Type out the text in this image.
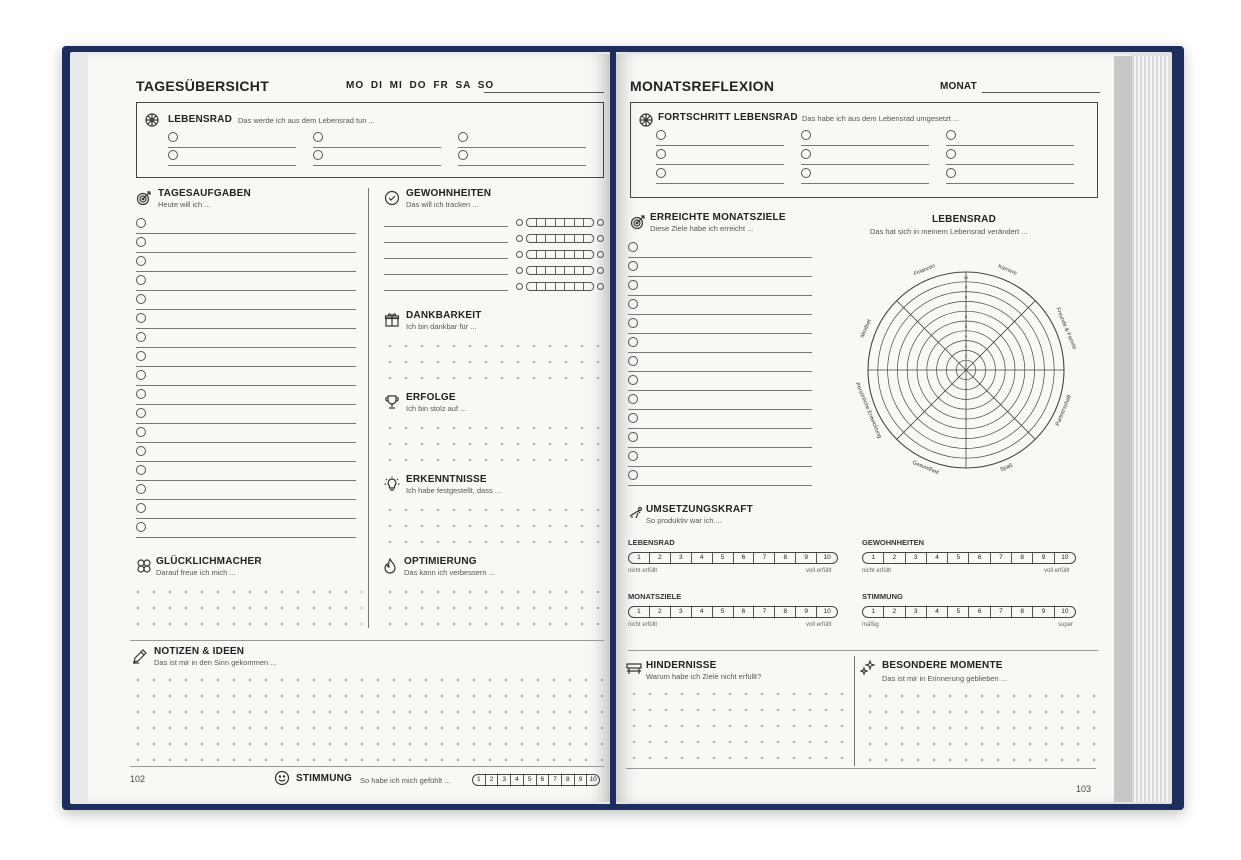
TAGESÜBERSICHT	MO DI MI DO FR SA SO
LEBENSRAD Das werde ich aus dem Lebensrad tun ...
TAGESAUFGABEN
Heute will ich ...
GEWOHNHEITEN
Das will ich tracken ...
DANKBARKEIT
Ich bin dankbar für ...
ERFOLGE
Ich bin stolz auf ...
ERKENNTNISSE
Ich habe festgestellt, dass ...
GLÜCKLICHMACHER
Darauf freue ich mich ...
OPTIMIERUNG
Das kann ich verbessern ...
NOTIZEN & IDEEN
Das ist mir in den Sinn gekommen ...
102	STIMMUNG So habe ich mich gefühlt ...	1	2	3	4	5	6	7	8	9	10
MONATSREFLEXION	MONAT
FORTSCHRITT LEBENSRAD Das habe ich aus dem Lebensrad umgesetzt ...
ERREICHTE MONATSZIELE
Diese Ziele habe ich erreicht ...
LEBENSRAD
Das hat sich in meinem Lebensrad verändert ...
1
2
3
4
5
6
7
8
9
10
Finanzen	Karriere
Freunde & Familie
Partnerschaft
Spaß
Gesundheit
Persönliche Entwicklung
Mindset
UMSETZUNGSKRAFT
So produktiv war ich ...
LEBENSRAD
1	2	3	4	5	6	7	8	9	10
nicht erfüllt	voll erfüllt
GEWOHNHEITEN
1	2	3	4	5	6	7	8	9	10
nicht erfüllt	voll erfüllt
MONATSZIELE
1	2	3	4	5	6	7	8	9	10
nicht erfüllt	voll erfüllt
STIMMUNG
1	2	3	4	5	6	7	8	9	10
mäßig	super
HINDERNISSE
Warum habe ich Ziele nicht erfüllt?
BESONDERE MOMENTE
Das ist mir in Erinnerung geblieben ...
103
